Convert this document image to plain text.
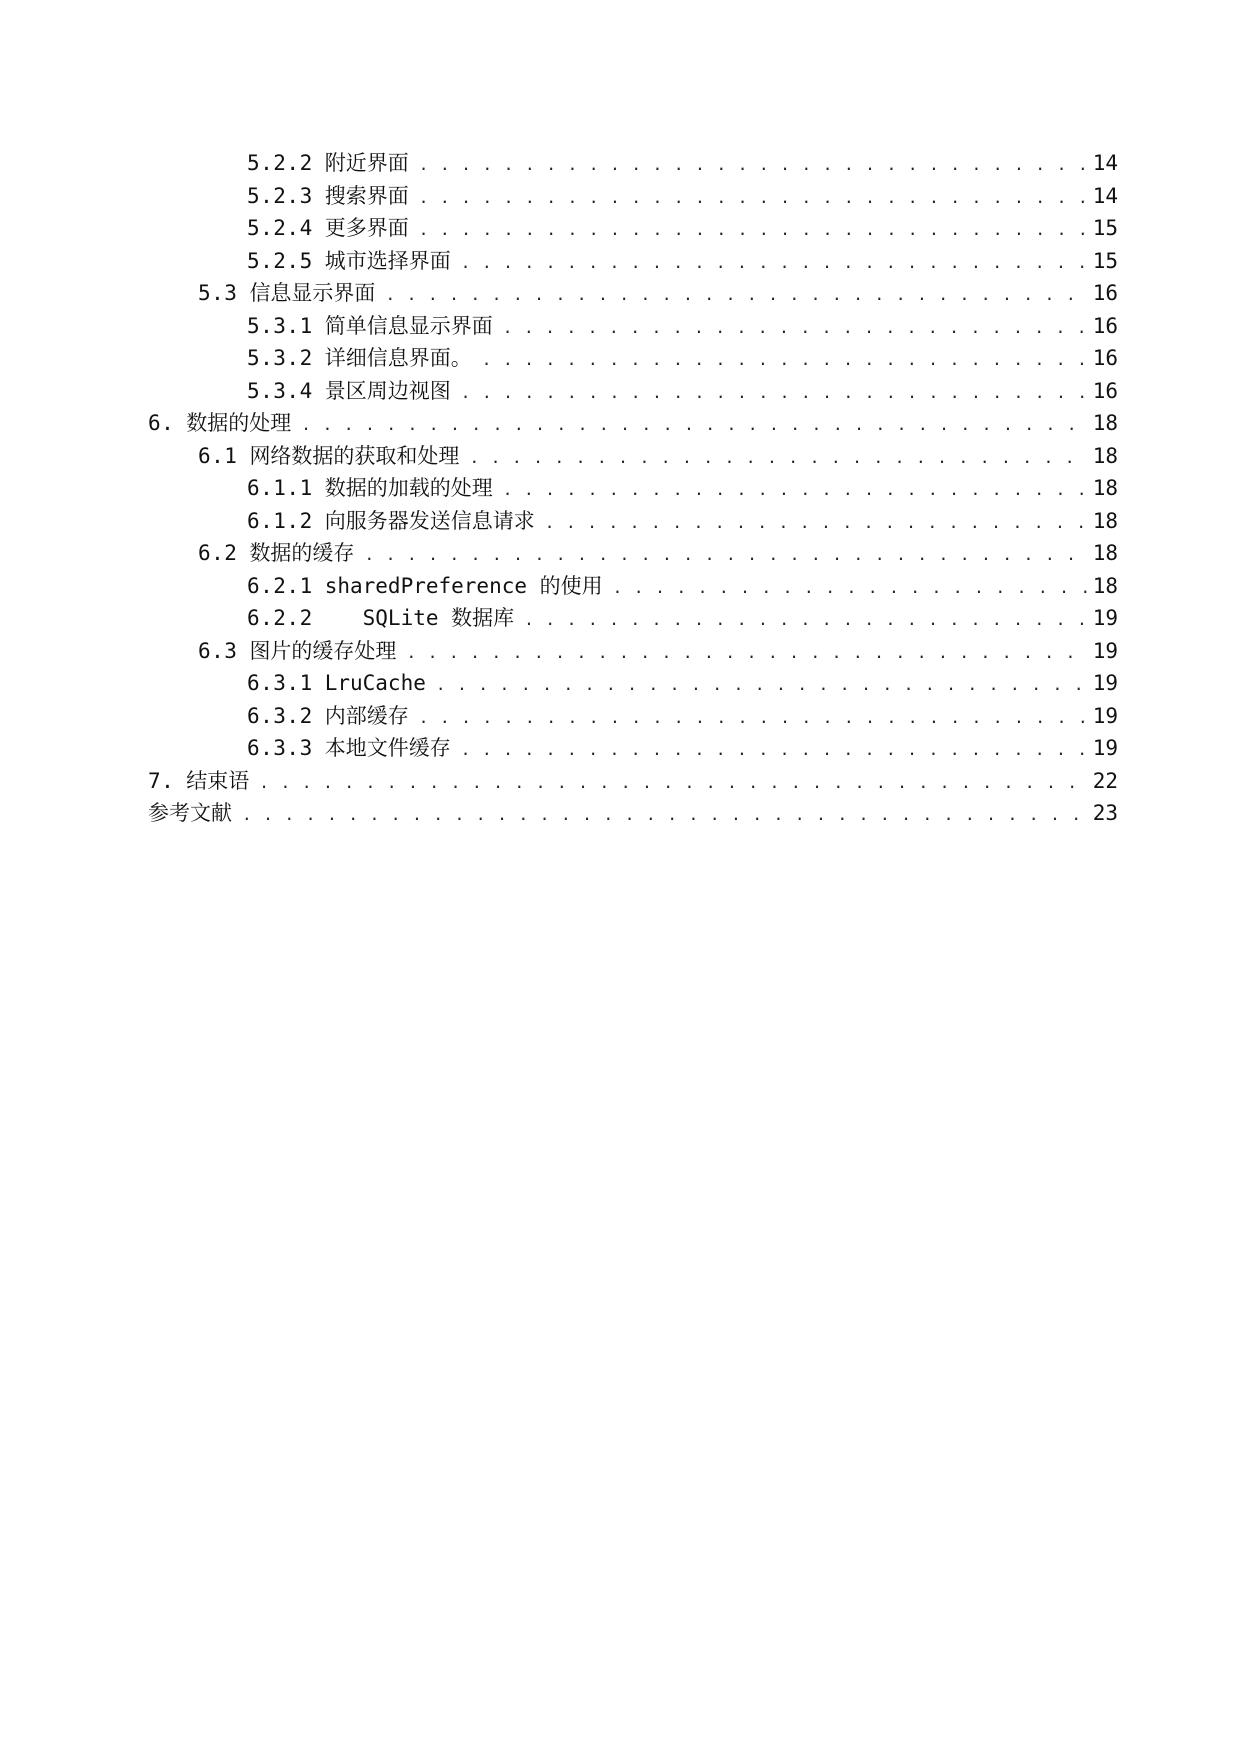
5.2.2 附近界面 . . .	14
5.2.3 搜索界面 . . .	14
5.2.4 更多界面 . . .	15
5.2.5 城市选择界面 . . .	15
5.3 信息显示界面 . . .	16
5.3.1 简单信息显示界面 . . .	16
5.3.2 详细信息界面。 . . .	16
5.3.4 景区周边视图 . . .	16
6. 数据的处理 . . .	18
6.1 网络数据的获取和处理 . . .	18
6.1.1 数据的加载的处理 . . .	18
6.1.2 向服务器发送信息请求 . . .	18
6.2 数据的缓存 . . .	18
6.2.1 sharedPreference 的使用 . . .	18
6.2.2 SQLite 数据库 . . .	19
6.3 图片的缓存处理 . . .	19
6.3.1 LruCache . . .	19
6.3.2 内部缓存 . . .	19
6.3.3 本地文件缓存 . . .	19
7. 结束语 . . .	22
参考文献 . . .	23
